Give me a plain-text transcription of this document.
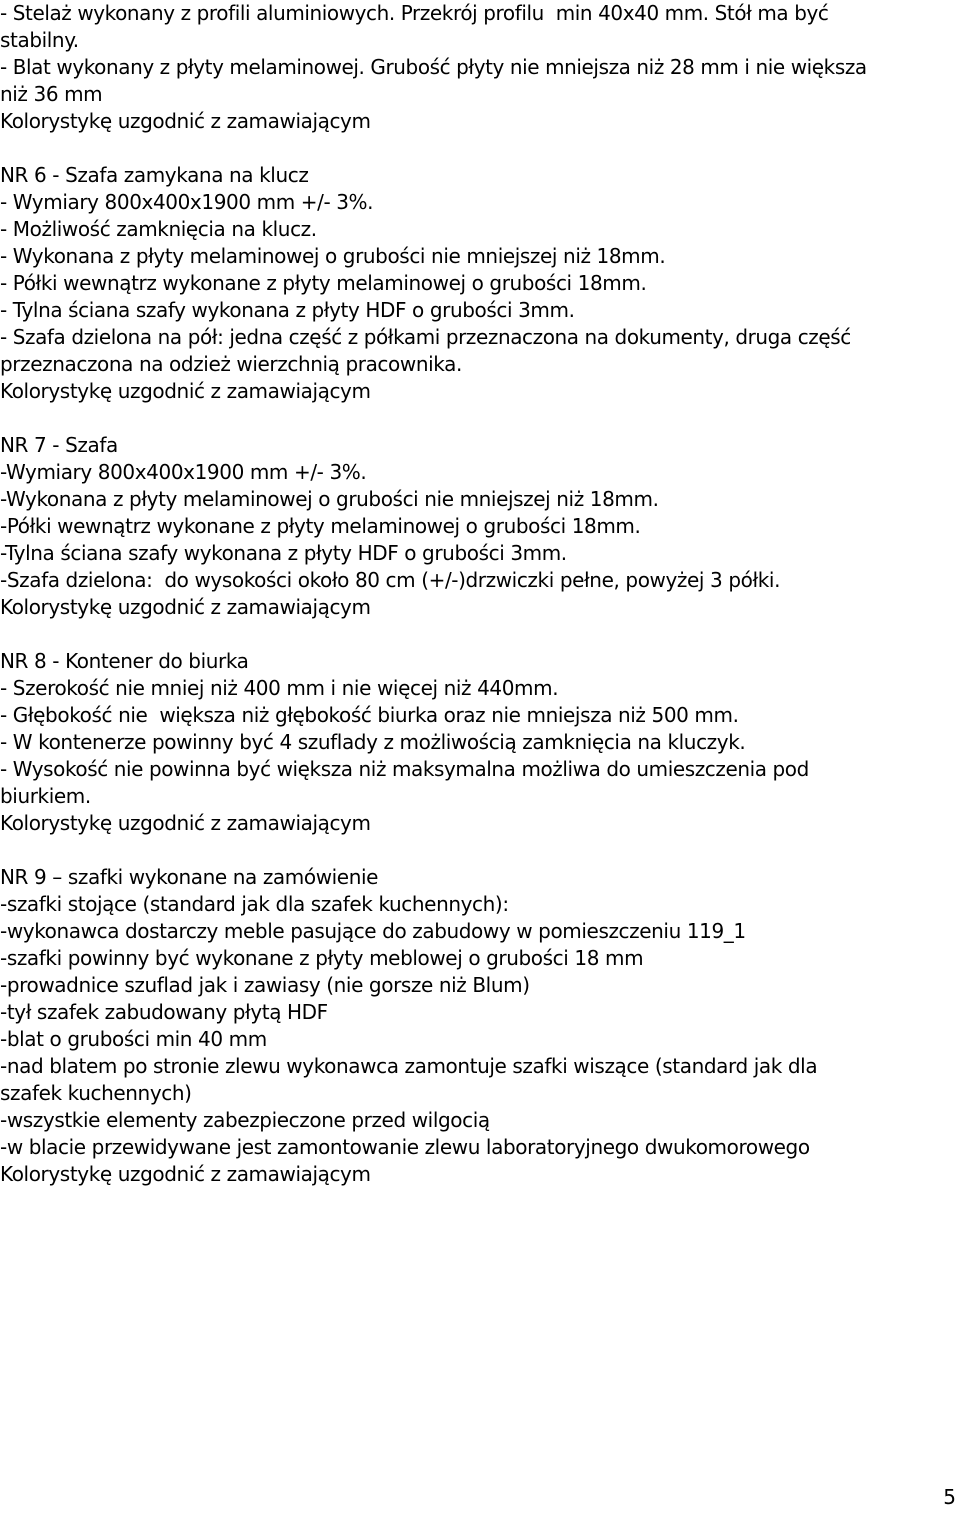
- Stelaż wykonany z profili aluminiowych. Przekrój profilu  min 40x40 mm. Stół ma być
stabilny.
- Blat wykonany z płyty melaminowej. Grubość płyty nie mniejsza niż 28 mm i nie większa
niż 36 mm
Kolorystykę uzgodnić z zamawiającym
NR 6 - Szafa zamykana na klucz
- Wymiary 800x400x1900 mm +/- 3%.
- Możliwość zamknięcia na klucz.
- Wykonana z płyty melaminowej o grubości nie mniejszej niż 18mm.
- Półki wewnątrz wykonane z płyty melaminowej o grubości 18mm.
- Tylna ściana szafy wykonana z płyty HDF o grubości 3mm.
- Szafa dzielona na pół: jedna część z półkami przeznaczona na dokumenty, druga część
przeznaczona na odzież wierzchnią pracownika.
Kolorystykę uzgodnić z zamawiającym
NR 7 - Szafa
-Wymiary 800x400x1900 mm +/- 3%.
-Wykonana z płyty melaminowej o grubości nie mniejszej niż 18mm.
-Półki wewnątrz wykonane z płyty melaminowej o grubości 18mm.
-Tylna ściana szafy wykonana z płyty HDF o grubości 3mm.
-Szafa dzielona:  do wysokości około 80 cm (+/-)drzwiczki pełne, powyżej 3 półki.
Kolorystykę uzgodnić z zamawiającym
NR 8 - Kontener do biurka
- Szerokość nie mniej niż 400 mm i nie więcej niż 440mm.
- Głębokość nie  większa niż głębokość biurka oraz nie mniejsza niż 500 mm.
- W kontenerze powinny być 4 szuflady z możliwością zamknięcia na kluczyk.
- Wysokość nie powinna być większa niż maksymalna możliwa do umieszczenia pod
biurkiem.
Kolorystykę uzgodnić z zamawiającym
NR 9 – szafki wykonane na zamówienie
-szafki stojące (standard jak dla szafek kuchennych):
-wykonawca dostarczy meble pasujące do zabudowy w pomieszczeniu 119_1
-szafki powinny być wykonane z płyty meblowej o grubości 18 mm
-prowadnice szuflad jak i zawiasy (nie gorsze niż Blum)
-tył szafek zabudowany płytą HDF
-blat o grubości min 40 mm
-nad blatem po stronie zlewu wykonawca zamontuje szafki wiszące (standard jak dla
szafek kuchennych)
-wszystkie elementy zabezpieczone przed wilgocią
-w blacie przewidywane jest zamontowanie zlewu laboratoryjnego dwukomorowego
Kolorystykę uzgodnić z zamawiającym
5
